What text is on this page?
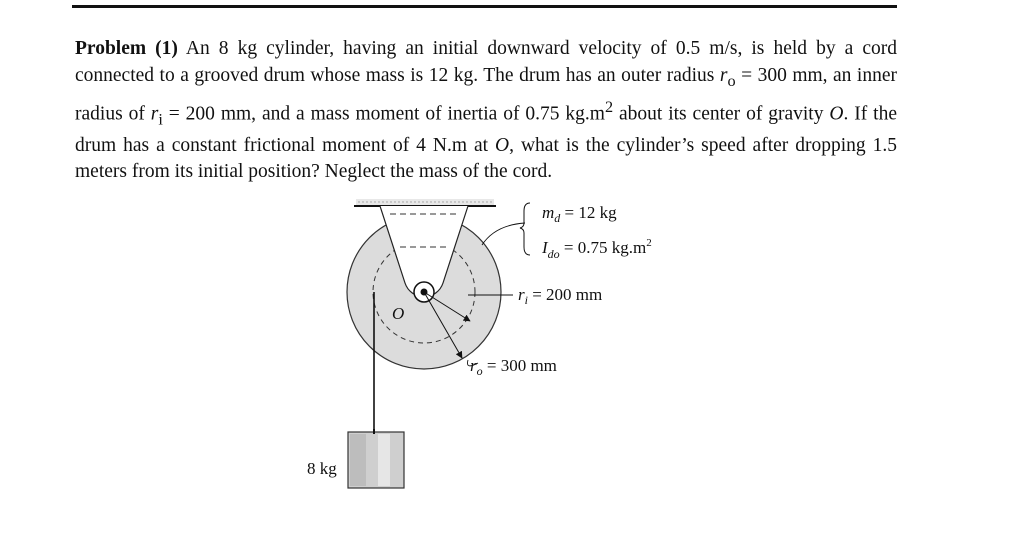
Problem (1) An 8 kg cylinder, having an initial downward velocity of 0.5 m/s, is held by a cord connected to a grooved drum whose mass is 12 kg. The drum has an outer radius $r_o = 300$ mm, an inner radius of $r_i = 200$ mm, and a mass moment of inertia of 0.75 $kg.m^2$ about its center of gravity O. If the drum has a constant frictional moment of 4 N.m at O, what is the cylinder’s speed after dropping 1.5 meters from its initial position? Neglect the mass of the cord.

$m_d = 12$ kg
$I_{do} = 0.75$ $kg.m^2$
$r_i = 200$ mm
$r_o = 300$ mm
O
8 kg
